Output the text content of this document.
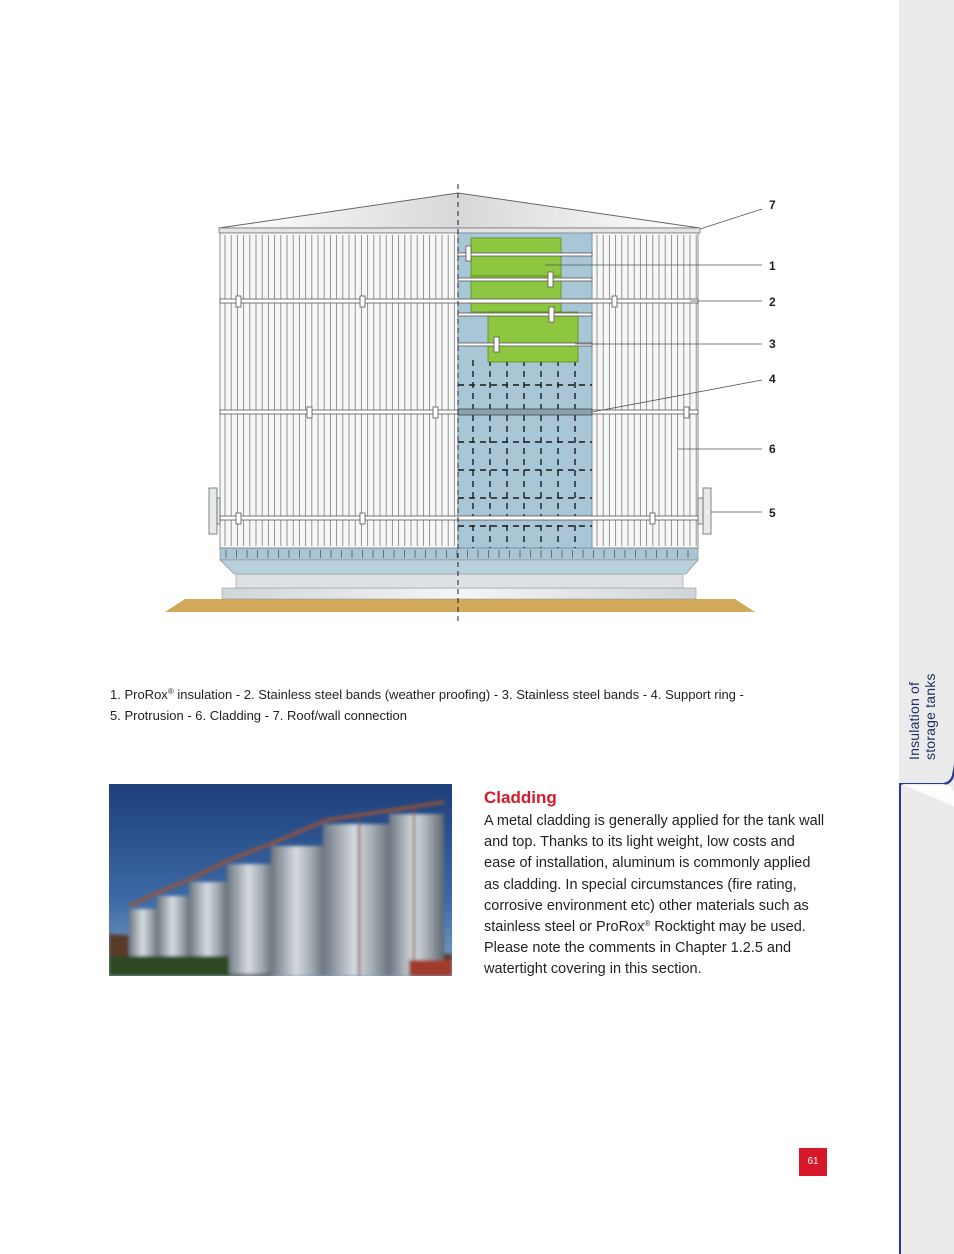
Insulation of
storage tanks
7
1
2
3
4
6
5
1. ProRox® insulation - 2. Stainless steel bands (weather proofing) - 3. Stainless steel bands - 4. Support ring -
5. Protrusion - 6. Cladding - 7. Roof/wall connection
Cladding

A metal cladding is generally applied for the tank wall and top. Thanks to its light weight, low costs and ease of installation, aluminum is commonly applied as cladding. In special circumstances (fire rating, corrosive environment etc) other materials such as stainless steel or ProRox® Rocktight may be used. Please note the comments in Chapter 1.2.5 and watertight covering in this section.

61
